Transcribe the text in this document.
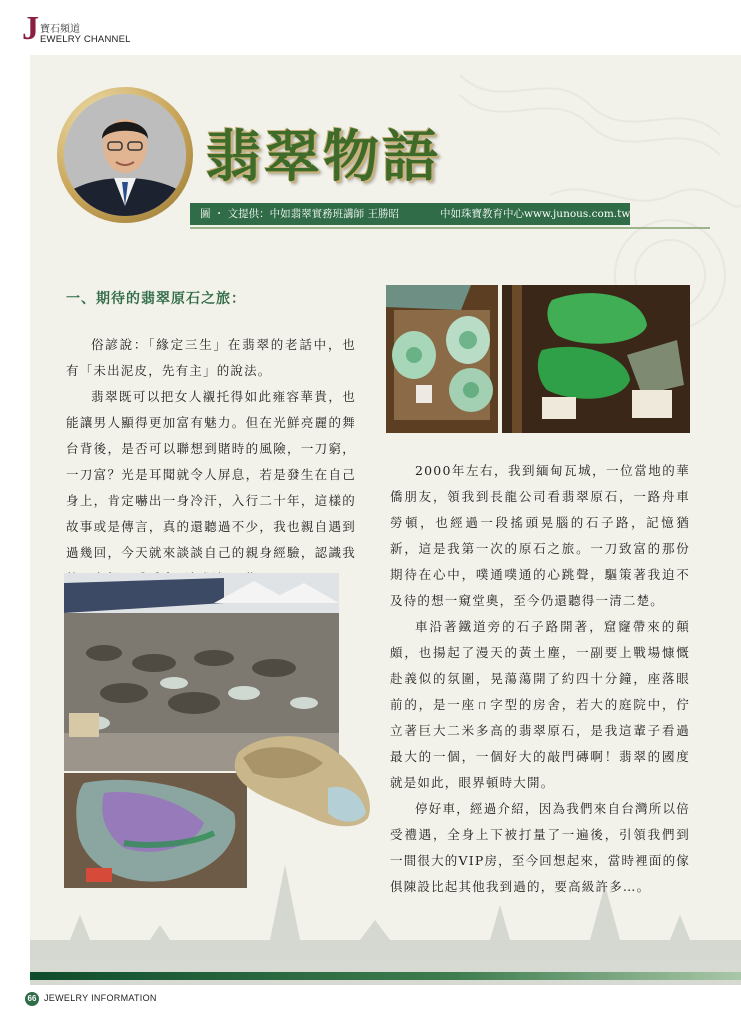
J 寶石頻道
EWELRY CHANNEL
翡翠物語
圖 ・ 文提供：中如翡翠實務班講師 王勝昭	中如珠寶教育中心www.junous.com.tw
一、期待的翡翠原石之旅：

俗諺說：「緣定三生」在翡翠的老話中，也有「未出泥皮，先有主」的說法。

翡翠既可以把女人襯托得如此雍容華貴，也能讓男人顯得更加富有魅力。但在光鮮亮麗的舞台背後，是否可以聯想到賭時的風險，一刀窮，一刀富？光是耳聞就令人屏息，若是發生在自己身上，肯定嚇出一身冷汗，入行二十年，這樣的故事或是傳言，真的還聽過不少，我也親自遇到過幾回，今天就來談談自己的親身經驗，認識我

2000年左右，我到緬甸瓦城，一位當地的華僑朋友，領我到長龍公司看翡翠原石，一路舟車勞頓，也經過一段搖頭晃腦的石子路，記憶猶新，這是我第一次的原石之旅。一刀致富的那份期待在心中，噗通噗通的心跳聲，驅策著我迫不及待的想一窺堂奧，至今仍還聽得一清二楚。

車沿著鐵道旁的石子路開著，窟窿帶來的顛頗，也揚起了漫天的黃土塵，一副要上戰場慷慨赴義似的氛圍，晃蕩蕩開了約四十分鐘，座落眼前的，是一座ㄇ字型的房舍，若大的庭院中，佇立著巨大二米多高的翡翠原石，是我這輩子看過最大的一個，一個好大的敲門磚啊！翡翠的國度就是如此，眼界頓時大開。

停好車，經過介紹，因為我們來自台灣所以倍受禮遇，全身上下被打量了一遍後，引領我們到一間很大的VIP房，至今回想起來，當時裡面的傢俱陳設比起其他我到過的，要高級許多…。

66 JEWELRY INFORMATION
